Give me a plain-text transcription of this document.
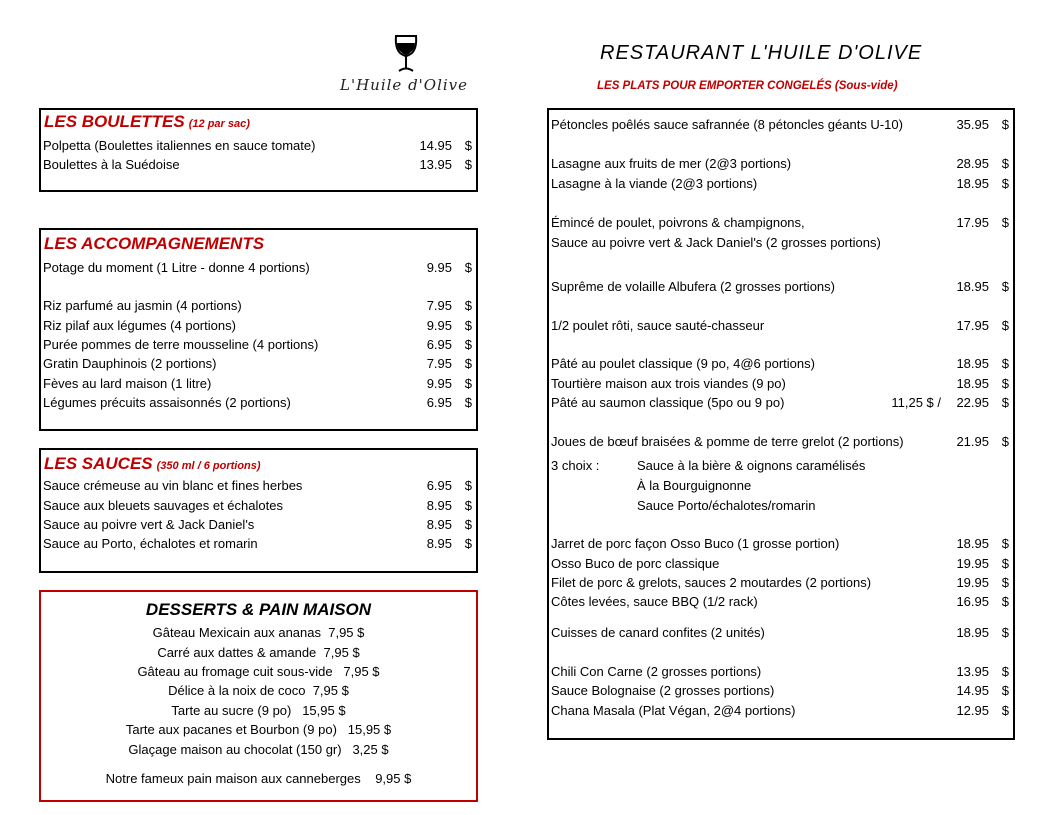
L'Huile d'Olive
RESTAURANT L'HUILE D'OLIVE
LES PLATS POUR EMPORTER CONGELÉS (Sous-vide)
LES BOULETTES (12 par sac)
Polpetta (Boulettes italiennes en sauce tomate)	14.95 $
Boulettes à la Suédoise	13.95 $
LES ACCOMPAGNEMENTS
Potage du moment (1 Litre - donne 4 portions)	9.95 $
Riz parfumé au jasmin (4 portions)	7.95 $
Riz pilaf aux légumes (4 portions)	9.95 $
Purée pommes de terre mousseline (4 portions)	6.95 $
Gratin Dauphinois (2 portions)	7.95 $
Fèves au lard maison (1 litre)	9.95 $
Légumes précuits assaisonnés (2 portions)	6.95 $
LES SAUCES (350 ml / 6 portions)
Sauce crémeuse au vin blanc et fines herbes	6.95 $
Sauce aux bleuets sauvages et échalotes	8.95 $
Sauce au poivre vert & Jack Daniel's	8.95 $
Sauce au Porto, échalotes et romarin	8.95 $
DESSERTS & PAIN MAISON
Gâteau Mexicain aux ananas 7,95 $
Carré aux dattes & amande 7,95 $
Gâteau au fromage cuit sous-vide 7,95 $
Délice à la noix de coco 7,95 $
Tarte au sucre (9 po) 15,95 $
Tarte aux pacanes et Bourbon (9 po) 15,95 $
Glaçage maison au chocolat (150 gr) 3,25 $
Notre fameux pain maison aux canneberges 9,95 $
Pétoncles poêlés sauce safrannée (8 pétoncles géants U-10)	35.95 $
Lasagne aux fruits de mer (2@3 portions)	28.95 $
Lasagne à la viande (2@3 portions)	18.95 $
Émincé de poulet, poivrons & champignons,	17.95 $
Sauce au poivre vert & Jack Daniel's (2 grosses portions)
Suprême de volaille Albufera (2 grosses portions)	18.95 $
1/2 poulet rôti, sauce sauté-chasseur	17.95 $
Pâté au poulet classique (9 po, 4@6 portions)	18.95 $
Tourtière maison aux trois viandes (9 po)	18.95 $
Pâté au saumon classique (5po ou 9 po)	11,25 $ / 22.95 $
Joues de bœuf braisées & pomme de terre grelot (2 portions)	21.95 $
3 choix :	Sauce à la bière & oignons caramélisés
À la Bourguignonne
Sauce Porto/échalotes/romarin
Jarret de porc façon Osso Buco (1 grosse portion)	18.95 $
Osso Buco de porc classique	19.95 $
Filet de porc & grelots, sauces 2 moutardes (2 portions)	19.95 $
Côtes levées, sauce BBQ (1/2 rack)	16.95 $
Cuisses de canard confites (2 unités)	18.95 $
Chili Con Carne (2 grosses portions)	13.95 $
Sauce Bolognaise (2 grosses portions)	14.95 $
Chana Masala (Plat Végan, 2@4 portions)	12.95 $
